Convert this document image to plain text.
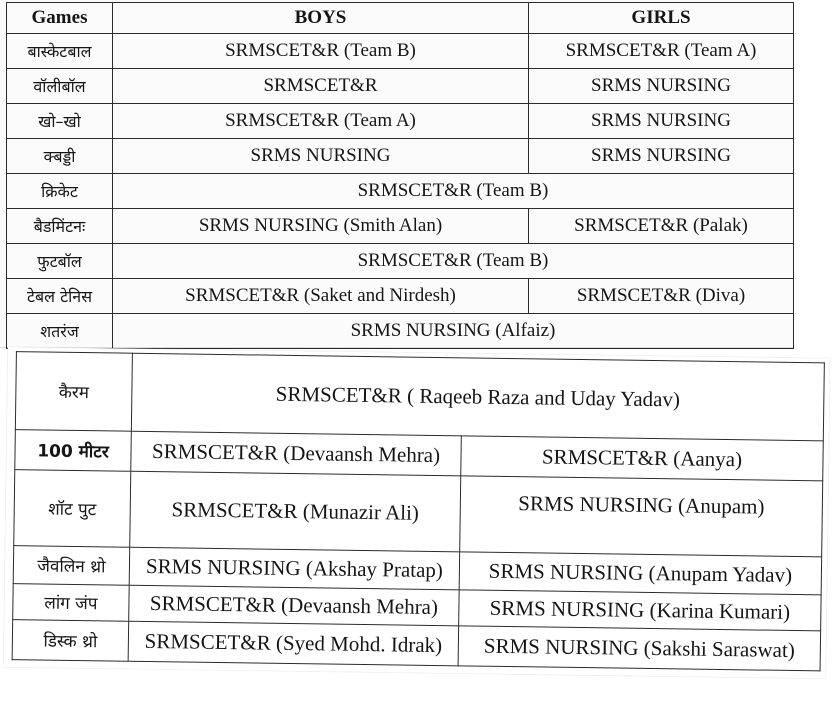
Games	BOYS	GIRLS
बास्केटबाल	SRMSCET&R (Team B)	SRMSCET&R (Team A)
वॉलीबॉल	SRMSCET&R	SRMS NURSING
खो–खो	SRMSCET&R (Team A)	SRMS NURSING
क्बड्डी	SRMS NURSING	SRMS NURSING
क्रिकेट	SRMSCET&R (Team B)	
बैडमिंटनः	SRMS NURSING (Smith Alan)	SRMSCET&R (Palak)
फुटबॉल	SRMSCET&R (Team B)	
टेबल टेनिस	SRMSCET&R (Saket and Nirdesh)	SRMSCET&R (Diva)
शतरंज	SRMS NURSING (Alfaiz)	
कैरम	SRMSCET&R ( Raqeeb Raza and Uday Yadav)	
100 मीटर	SRMSCET&R (Devaansh Mehra)	SRMSCET&R (Aanya)
शॉट पुट	SRMSCET&R (Munazir Ali)	SRMS NURSING (Anupam)
जैवलिन थ्रो	SRMS NURSING (Akshay Pratap)	SRMS NURSING (Anupam Yadav)
लांग जंप	SRMSCET&R (Devaansh Mehra)	SRMS NURSING (Karina Kumari)
डिस्क थ्रो	SRMSCET&R (Syed Mohd. Idrak)	SRMS NURSING (Sakshi Saraswat)
